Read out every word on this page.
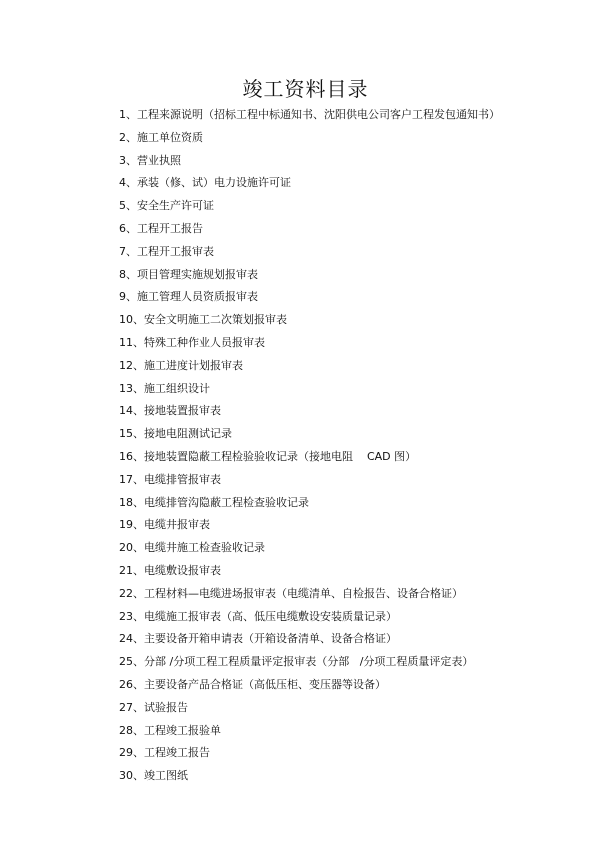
竣工资料目录
1、工程来源说明（招标工程中标通知书、沈阳供电公司客户工程发包通知书）
2、施工单位资质
3、营业执照
4、承装（修、试）电力设施许可证
5、安全生产许可证
6、工程开工报告
7、工程开工报审表
8、项目管理实施规划报审表
9、施工管理人员资质报审表
10、安全文明施工二次策划报审表
11、特殊工种作业人员报审表
12、施工进度计划报审表
13、施工组织设计
14、接地装置报审表
15、接地电阻测试记录
16、接地装置隐蔽工程检验验收记录（接地电阻    CAD 图）
17、电缆排管报审表
18、电缆排管沟隐蔽工程检查验收记录
19、电缆井报审表
20、电缆井施工检查验收记录
21、电缆敷设报审表
22、工程材料—电缆进场报审表（电缆清单、自检报告、设备合格证）
23、电缆施工报审表（高、低压电缆敷设安装质量记录）
24、主要设备开箱申请表（开箱设备清单、设备合格证）
25、分部 /分项工程工程质量评定报审表（分部   /分项工程质量评定表）
26、主要设备产品合格证（高低压柜、变压器等设备）
27、试验报告
28、工程竣工报验单
29、工程竣工报告
30、竣工图纸
